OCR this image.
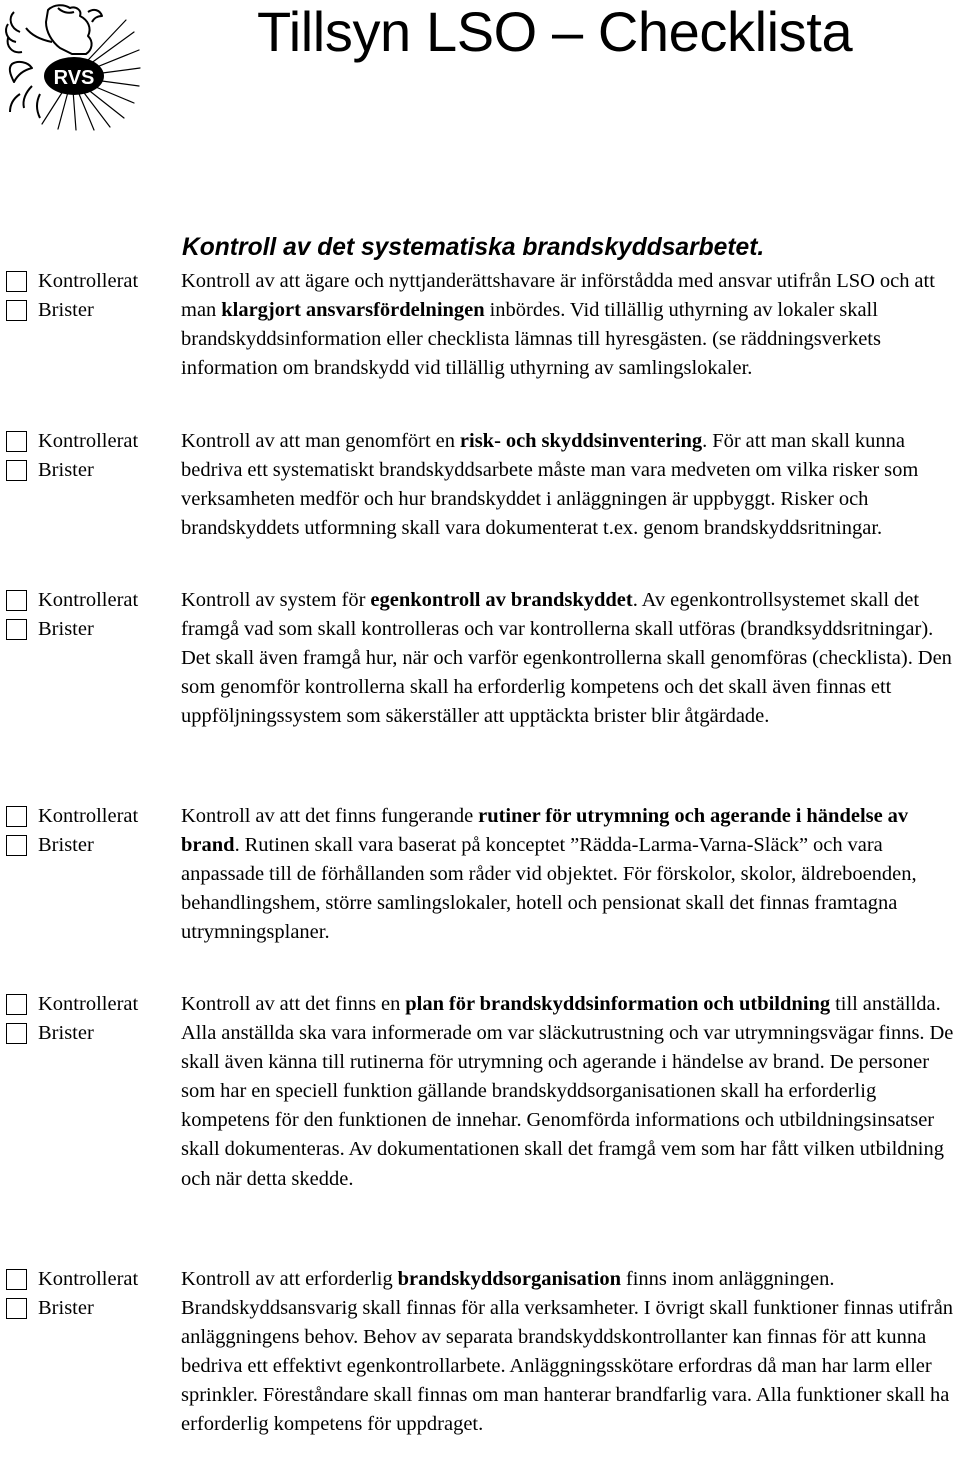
RVS
Tillsyn LSO – Checklista
Kontroll av det systematiska brandskyddsarbetet.
Kontrollerat
Brister
Kontrollerat
Brister
Kontrollerat
Brister
Kontrollerat
Brister
Kontrollerat
Brister
Kontrollerat
Brister

Kontroll av att ägare och nyttjanderättshavare är införstådda med ansvar utifrån LSO och att man klargjort ansvarsfördelningen inbördes. Vid tillällig uthyrning av lokaler skall brandskyddsinformation eller checklista lämnas till hyresgästen. (se räddningsverkets information om brandskydd vid tillällig uthyrning av samlingslokaler.

Kontroll av att man genomfört en risk- och skyddsinventering. För att man skall kunna bedriva ett systematiskt brandskyddsarbete måste man vara medveten om vilka risker som verksamheten medför och hur brandskyddet i anläggningen är uppbyggt. Risker och brandskyddets utformning skall vara dokumenterat t.ex. genom brandskyddsritningar.

Kontroll av system för egenkontroll av brandskyddet. Av egenkontrollsystemet skall det framgå vad som skall kontrolleras och var kontrollerna skall utföras (brandksyddsritningar). Det skall även framgå hur, när och varför egenkontrollerna skall genomföras (checklista). Den som genomför kontrollerna skall ha erforderlig kompetens och det skall även finnas ett uppföljningssystem som säkerställer att upptäckta brister blir åtgärdade.

Kontroll av att det finns fungerande rutiner för utrymning och agerande i händelse av brand. Rutinen skall vara baserat på konceptet ”Rädda-Larma-Varna-Släck” och vara anpassade till de förhållanden som råder vid objektet. För förskolor, skolor, äldreboenden, behandlingshem, större samlingslokaler, hotell och pensionat skall det finnas framtagna utrymningsplaner.

Kontroll av att det finns en plan för brandskyddsinformation och utbildning till anställda. Alla anställda ska vara informerade om var släckutrustning och var utrymningsvägar finns. De skall även känna till rutinerna för utrymning och agerande i händelse av brand. De personer som har en speciell funktion gällande brandskyddsorganisationen skall ha erforderlig kompetens för den funktionen de innehar. Genomförda informations och utbildningsinsatser skall dokumenteras. Av dokumentationen skall det framgå vem som har fått vilken utbildning och när detta skedde.

Kontroll av att erforderlig brandskyddsorganisation finns inom anläggningen. Brandskyddsansvarig skall finnas för alla verksamheter. I övrigt skall funktioner finnas utifrån anläggningens behov. Behov av separata brandskyddskontrollanter kan finnas för att kunna bedriva ett effektivt egenkontrollarbete. Anläggningsskötare erfordras då man har larm eller sprinkler. Föreståndare skall finnas om man hanterar brandfarlig vara. Alla funktioner skall ha erforderlig kompetens för uppdraget.
